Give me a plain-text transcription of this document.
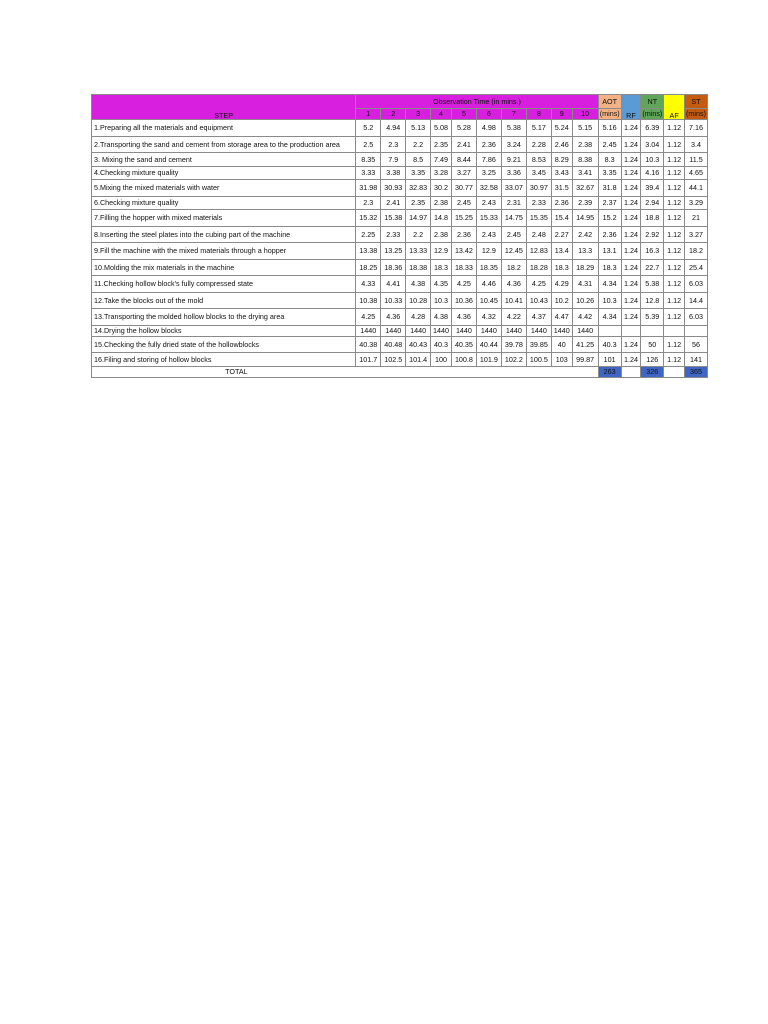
STEP	Observation Time (in mins.)										AOT	RF	NT	AF	ST
	1	2	3	4	5	6	7	8	9	10	(mins)		(mins)		(mins)
1.Preparing all the materials and equipment	5.2	4.94	5.13	5.08	5.28	4.98	5.38	5.17	5.24	5.15	5.16	1.24	6.39	1.12	7.16
2.Transporting the sand and cement from storage area to the production area	2.5	2.3	2.2	2.35	2.41	2.36	3.24	2.28	2.46	2.38	2.45	1.24	3.04	1.12	3.4
3. Mixing the sand and cement	8.35	7.9	8.5	7.49	8.44	7.86	9.21	8.53	8.29	8.38	8.3	1.24	10.3	1.12	11.5
4.Checking mixture quality	3.33	3.38	3.35	3.28	3.27	3.25	3.36	3.45	3.43	3.41	3.35	1.24	4.16	1.12	4.65
5.Mixing the mixed materials with water	31.98	30.93	32.83	30.2	30.77	32.58	33.07	30.97	31.5	32.67	31.8	1.24	39.4	1.12	44.1
6.Checking mixture quality	2.3	2.41	2.35	2.38	2.45	2.43	2.31	2.33	2.36	2.39	2.37	1.24	2.94	1.12	3.29
7.Filling the hopper with mixed materials	15.32	15.38	14.97	14.8	15.25	15.33	14.75	15.35	15.4	14.95	15.2	1.24	18.8	1.12	21
8.Inserting the steel plates into the cubing part of the machine	2.25	2.33	2.2	2.38	2.36	2.43	2.45	2.48	2.27	2.42	2.36	1.24	2.92	1.12	3.27
9.Fill the machine with the mixed materials through a hopper	13.38	13.25	13.33	12.9	13.42	12.9	12.45	12.83	13.4	13.3	13.1	1.24	16.3	1.12	18.2
10.Molding the mix materials in the machine	18.25	18.36	18.38	18.3	18.33	18.35	18.2	18.28	18.3	18.29	18.3	1.24	22.7	1.12	25.4
11.Checking hollow block's fully compressed state	4.33	4.41	4.38	4.35	4.25	4.46	4.36	4.25	4.29	4.31	4.34	1.24	5.38	1.12	6.03
12.Take the blocks out of the mold	10.38	10.33	10.28	10.3	10.36	10.45	10.41	10.43	10.2	10.26	10.3	1.24	12.8	1.12	14.4
13.Transporting the molded hollow blocks to the drying area	4.25	4.36	4.28	4.38	4.36	4.32	4.22	4.37	4.47	4.42	4.34	1.24	5.39	1.12	6.03
14.Drying the hollow blocks	1440	1440	1440	1440	1440	1440	1440	1440	1440	1440					
15.Checking the fully dried state of the hollowblocks	40.38	40.48	40.43	40.3	40.35	40.44	39.78	39.85	40	41.25	40.3	1.24	50	1.12	56
16.Filing and storing of hollow blocks	101.7	102.5	101.4	100	100.8	101.9	102.2	100.5	103	99.87	101	1.24	126	1.12	141
TOTAL											263		326		365
